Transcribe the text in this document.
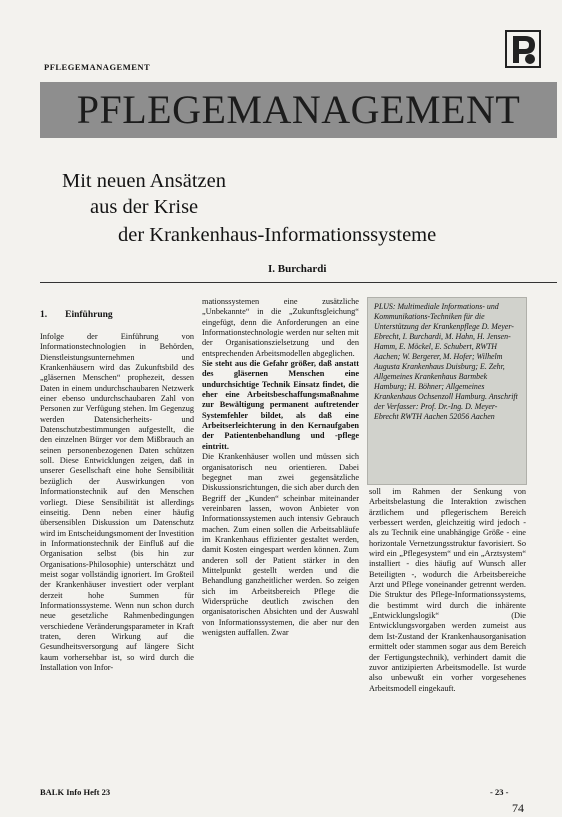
PFLEGEMANAGEMENT
PFLEGEMANAGEMENT
Mit neuen Ansätzen
aus der Krise
der Krankenhaus-Informationssysteme
I. Burchardi
1. Einführung

Infolge der Einführung von Informationstechnologien in Behörden, Dienstleistungsunternehmen und Krankenhäusern wird das Zukunftsbild des „gläsernen Menschen“ prophezeit, dessen Daten in einem undurchschaubaren Netzwerk einer ebenso undurchschaubaren Zahl von Personen zur Verfügung stehen. Im Gegenzug werden Datensicherheits- und Datenschutzbestimmungen aufgestellt, die den einzelnen Bürger vor dem Mißbrauch an seinen personenbezogenen Daten schützen soll. Diese Entwicklungen zeigen, daß in unserer Gesellschaft eine hohe Sensibilität bezüglich der Auswirkungen von Informationstechnik auf den Menschen vorliegt. Diese Sensibilität ist allerdings einseitig. Denn neben einer häufig übersensiblen Diskussion um Datenschutz wird im Entscheidungsmoment der Investition in Informationstechnik der Einfluß auf die Organisation selbst (bis hin zur Organisations-Philosophie) unterschätzt und meist sogar vollständig ignoriert. Im Großteil der Krankenhäuser investiert oder verplant derzeit hohe Summen für Informationssysteme. Wenn nun schon durch neue gesetzliche Rahmenbedingungen verschiedene Veränderungsparameter in Kraft traten, deren Wirkung auf die Gesundheitsversorgung auf längere Sicht kaum vorhersehbar ist, so wird durch die Installation von Infor-

mationssystemen eine zusätzliche „Unbekannte“ in die „Zukunftsgleichung“ eingefügt, denn die Anforderungen an eine Informationstechnologie werden nur selten mit der Organisationszielsetzung und den entsprechenden Arbeitsmodellen abgeglichen.

Sie steht aus die Gefahr größer, daß anstatt des gläsernen Menschen eine undurchsichtige Technik Einsatz findet, die eher eine Arbeitsbeschaffungsmaßnahme zur Bewältigung permanent auftretender Systemfehler bildet, als daß eine Arbeitserleichterung in den Kernaufgaben der Patientenbehandlung und -pflege eintritt.

Die Krankenhäuser wollen und müssen sich organisatorisch neu orientieren. Dabei begegnet man zwei gegensätzliche Diskussionsrichtungen, die sich aber durch den Begriff der „Kunden“ scheinbar miteinander vereinbaren lassen, wovon Anbieter von Informationssystemen auch intensiv Gebrauch machen. Zum einen sollen die Arbeitsabläufe im Krankenhaus effizienter gestaltet werden, damit Kosten eingespart werden können. Zum anderen soll der Patient stärker in den Mittelpunkt gestellt werden und die Behandlung ganzheitlicher werden. So zeigen sich im Arbeitsbereich Pflege die Widersprüche deutlich zwischen den organisatorischen Absichten und der Auswahl von Informationssystemen, die aber nur den wenigsten auffallen. Zwar

PLUS: Multimediale Informations- und Kommunikations-Techniken für die Unterstützung der Krankenpflege D. Meyer-Ebrecht, I. Burchardi, M. Hahn, H. Jensen-Hamm, E. Möckel, E. Schubert, RWTH Aachen; W. Bergerer, M. Hofer; Wilhelm Augusta Krankenhaus Duisburg; E. Zehr, Allgemeines Krankenhaus Barmbek Hamburg; H. Böhner; Allgemeines Krankenhaus Ochsenzoll Hamburg. Anschrift der Verfasser: Prof. Dr.-Ing. D. Meyer-Ebrecht RWTH Aachen 52056 Aachen

soll im Rahmen der Senkung von Arbeitsbelastung die Interaktion zwischen ärztlichem und pflegerischem Bereich verbessert werden, gleichzeitig wird jedoch - als zu Technik eine unabhängige Größe - eine horizontale Vernetzungsstruktur favorisiert. So wird ein „Pflegesystem“ und ein „Arztsystem“ installiert - dies häufig auf Wunsch aller Beteiligten -, wodurch die Arbeitsbereiche Arzt und Pflege voneinander getrennt werden. Die Struktur des Pflege-Informationssystems, die bestimmt wird durch die inhärente „Entwicklungslogik“ (Die Entwicklungsvorgaben werden zumeist aus dem Ist-Zustand der Krankenhausorganisation ermittelt oder stammen sogar aus dem Bereich der Fertigungstechnik), verhindert damit die zuvor antizipierten Arbeitsmodelle. Ist wurde also unbewußt ein vorher vorgesehenes Arbeitsmodell eingekauft.

BALK Info Heft 23	- 23 -
74
